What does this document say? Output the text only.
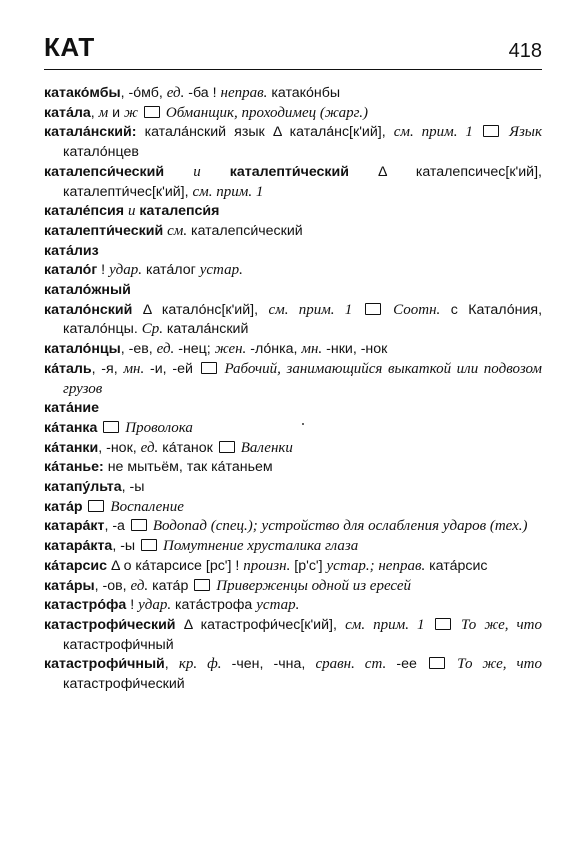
КАТ	418

катако́мбы, -о́мб, ед. -ба ! неправ. катако́нбы

ката́ла, м и ж Обманщик, проходимец (жарг.)

катала́нский: катала́нский язык Δ катала́нс[кʹий], см. прим. 1 Язык катало́нцев

каталепси́ческий и каталепти́ческий Δ каталепсичес[кʹий], каталепти́чес[кʹий], см. прим. 1

катале́псия и каталепси́я

каталепти́ческий см. каталепси́ческий

ката́лиз

катало́г ! удар. ката́лог устар.

катало́жный

катало́нский Δ катало́нс[кʹий], см. прим. 1	Соотн. с Катало́ния, катало́нцы. Ср. катала́нский

катало́нцы, -ев, ед. -нец; жен. -ло́нка, мн. -нки, -нок

ка́таль, -я, мн. -и, -ей  Рабочий, занимающийся выкаткой или подвозом грузов

ката́ние

ка́танка Проволока

ка́танки, -нок, ед. ка́танок  Валенки

ка́танье: не мытьём, так ка́таньем

катапу́льта, -ы

ката́р Воспаление

катара́кт, -а  Водопад (спец.); устройство для ослабления ударов (тех.)

катара́кта, -ы  Помутнение хрусталика глаза

ка́тарсис Δ о ка́тарсисе [рсʹ] ! произн. [рʹсʹ] устар.; неправ. ката́рсис

ката́ры, -ов, ед. ката́р  Приверженцы одной из ересей

катастро́фа ! удар. ката́строфа устар.

катастрофи́ческий Δ катастрофи́чес[кʹий], см. прим. 1 То же, что катастрофи́чный

катастрофи́чный, кр. ф. -чен, -чна, сравн. ст. -ее  То же, что катастрофи́ческий
